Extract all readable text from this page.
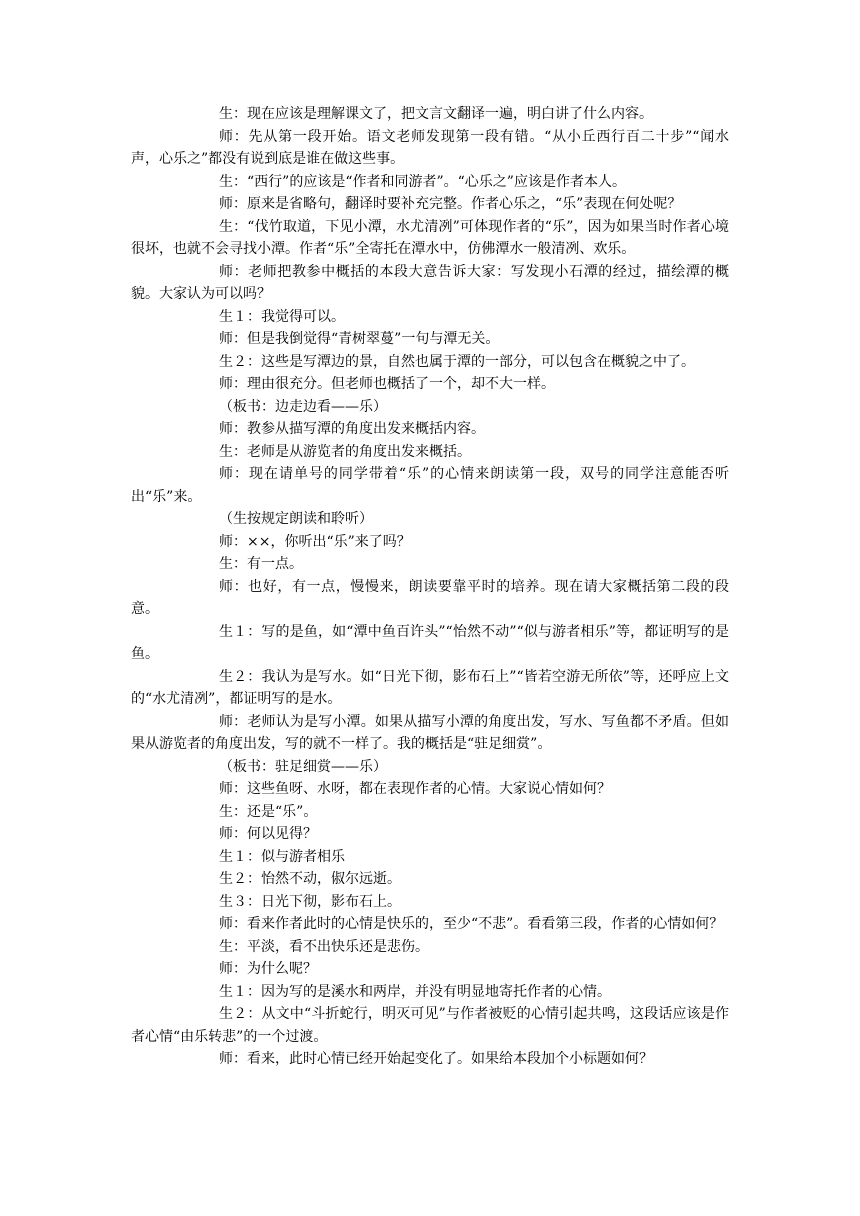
生：现在应该是理解课文了，把文言文翻译一遍，明白讲了什么内容。

师：先从第一段开始。语文老师发现第一段有错。“从小丘西行百二十步”“闻水声，心乐之”都没有说到底是谁在做这些事。

生：“西行”的应该是“作者和同游者”。“心乐之”应该是作者本人。

师：原来是省略句，翻译时要补充完整。作者心乐之，“乐”表现在何处呢？

生：“伐竹取道，下见小潭，水尤清冽”可体现作者的“乐”，因为如果当时作者心境很坏，也就不会寻找小潭。作者“乐”全寄托在潭水中，仿佛潭水一般清冽、欢乐。

师：老师把教参中概括的本段大意告诉大家：写发现小石潭的经过，描绘潭的概貌。大家认为可以吗？

生１：我觉得可以。

师：但是我倒觉得“青树翠蔓”一句与潭无关。

生２：这些是写潭边的景，自然也属于潭的一部分，可以包含在概貌之中了。

师：理由很充分。但老师也概括了一个，却不大一样。

（板书：边走边看——乐）

师：教参从描写潭的角度出发来概括内容。

生：老师是从游览者的角度出发来概括。

师：现在请单号的同学带着“乐”的心情来朗读第一段，双号的同学注意能否听出“乐”来。

（生按规定朗读和聆听）

师：××，你听出“乐”来了吗？

生：有一点。

师：也好，有一点，慢慢来，朗读要靠平时的培养。现在请大家概括第二段的段意。

生１：写的是鱼，如“潭中鱼百许头”“怡然不动”“似与游者相乐”等，都证明写的是鱼。

生２：我认为是写水。如“日光下彻，影布石上”“皆若空游无所依”等，还呼应上文的“水尤清冽”，都证明写的是水。

师：老师认为是写小潭。如果从描写小潭的角度出发，写水、写鱼都不矛盾。但如果从游览者的角度出发，写的就不一样了。我的概括是“驻足细赏”。

（板书：驻足细赏——乐）

师：这些鱼呀、水呀，都在表现作者的心情。大家说心情如何？

生：还是“乐”。

师：何以见得？

生１：似与游者相乐

生２：怡然不动，俶尔远逝。

生３：日光下彻，影布石上。

师：看来作者此时的心情是快乐的，至少“不悲”。看看第三段，作者的心情如何？

生：平淡，看不出快乐还是悲伤。

师：为什么呢？

生１：因为写的是溪水和两岸，并没有明显地寄托作者的心情。

生２：从文中“斗折蛇行，明灭可见”与作者被贬的心情引起共鸣，这段话应该是作者心情“由乐转悲”的一个过渡。

师：看来，此时心情已经开始起变化了。如果给本段加个小标题如何？
